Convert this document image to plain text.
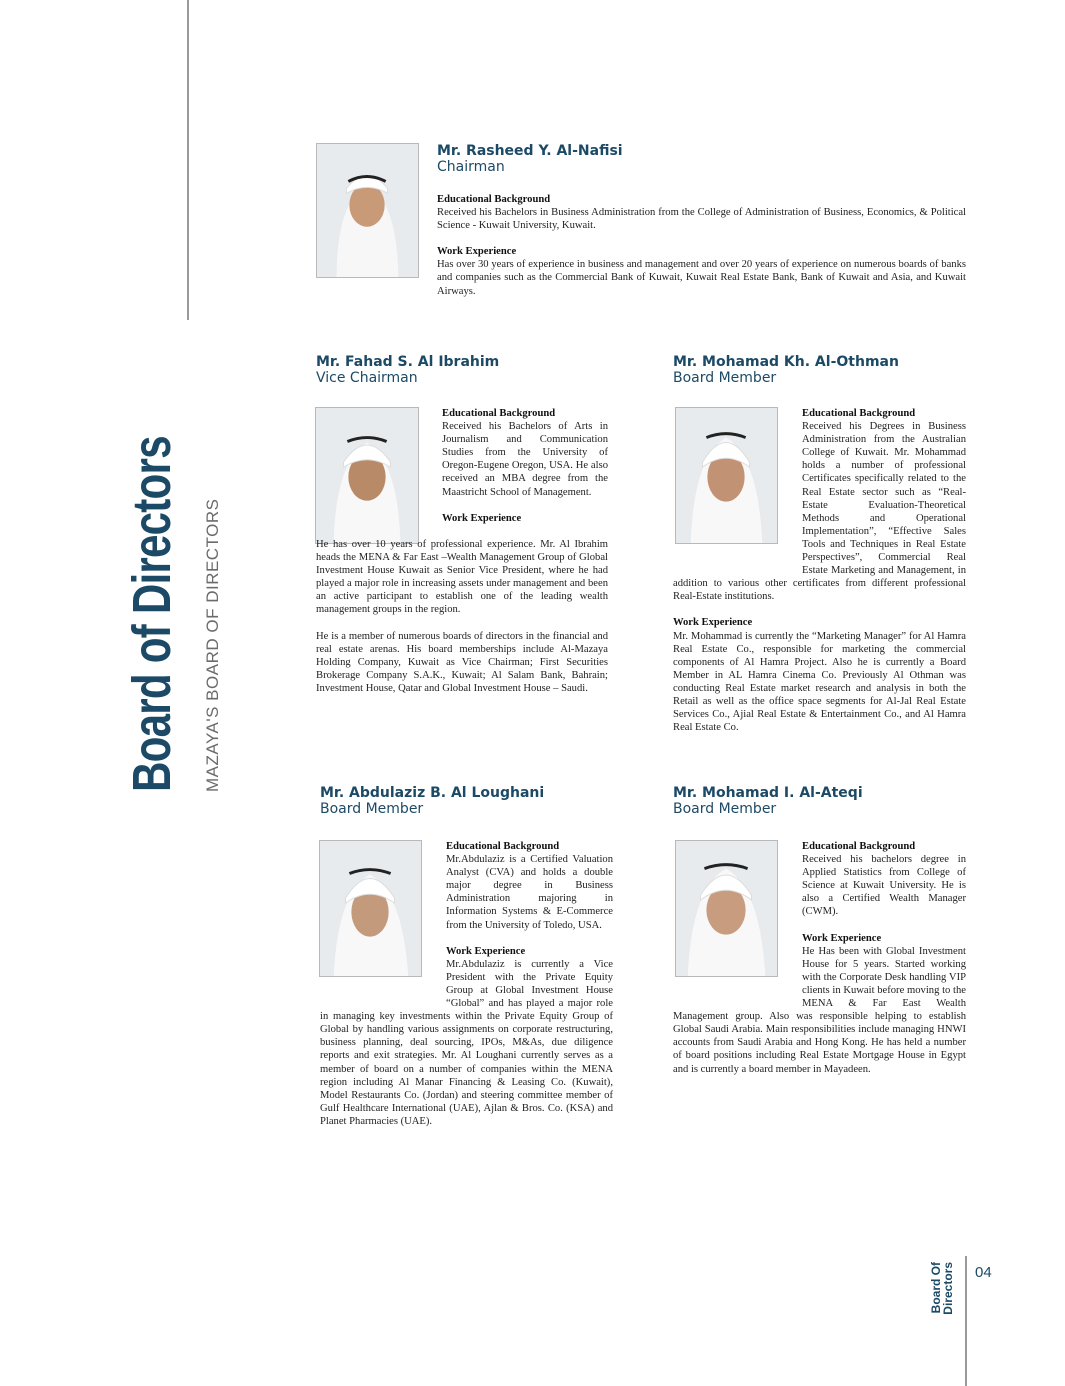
Board of Directors MAZAYA'S BOARD OF DIRECTORS
Mr. Rasheed Y. Al-Nafisi
Chairman
Educational Background

Received his Bachelors in Business Administration from the College of Administration of Business, Economics, & Political Science - Kuwait University, Kuwait.

Work Experience

Has over 30 years of experience in business and management and over 20 years of experience on numerous boards of banks and companies such as the Commercial Bank of Kuwait, Kuwait Real Estate Bank, Bank of Kuwait and Asia, and Kuwait Airways.

Mr. Fahad S. Al Ibrahim
Vice Chairman
Educational Background

Received his Bachelors of Arts in Journalism and Communication Studies from the University of Oregon-Eugene Oregon, USA. He also received an MBA degree from the Maastricht School of Management.

Work Experience

He has over 10 years of professional experience. Mr. Al Ibrahim heads the MENA & Far East –Wealth Management Group of Global Investment House Kuwait as Senior Vice President, where he had played a major role in increasing assets under management and been an active participant to establish one of the leading wealth management groups in the region.

He is a member of numerous boards of directors in the financial and real estate arenas. His board memberships include Al-Mazaya Holding Company, Kuwait as Vice Chairman; First Securities Brokerage Company S.A.K., Kuwait; Al Salam Bank, Bahrain; Investment House, Qatar and Global Investment House – Saudi.

Mr. Mohamad Kh. Al-Othman
Board Member
Educational Background

Received his Degrees in Business Administration from the Australian College of Kuwait. Mr. Mohammad holds a number of professional Certificates specifically related to the Real Estate sector such as “Real-Estate Evaluation-Theoretical Methods and Operational Implementation”, “Effective Sales Tools and Techniques in Real Estate Perspectives”, Commercial Real Estate Marketing and Management, in addition to various other certificates from different professional Real-Estate institutions.

Work Experience

Mr. Mohammad is currently the “Marketing Manager” for Al Hamra Real Estate Co., responsible for marketing the commercial components of Al Hamra Project. Also he is currently a Board Member in AL Hamra Cinema Co. Previously Al Othman was conducting Real Estate market research and analysis in both the Retail as well as the office space segments for Al-Jal Real Estate Services Co., Ajial Real Estate & Entertainment Co., and Al Hamra Real Estate Co.

Mr. Abdulaziz B. Al Loughani
Board Member
Educational Background

Mr.Abdulaziz is a Certified Valuation Analyst (CVA) and holds a double major degree in Business Administration majoring in Information Systems & E-Commerce from the University of Toledo, USA.

Work Experience

Mr.Abdulaziz is currently a Vice President with the Private Equity Group at Global Investment House “Global” and has played a major role in managing key investments within the Private Equity Group of Global by handling various assignments on corporate restructuring, business planning, deal sourcing, IPOs, M&As, due diligence reports and exit strategies. Mr. Al Loughani currently serves as a member of board on a number of companies within the MENA region including Al Manar Financing & Leasing Co. (Kuwait), Model Restaurants Co. (Jordan) and steering committee member of Gulf Healthcare International (UAE), Ajlan & Bros. Co. (KSA) and Planet Pharmacies (UAE).

Mr. Mohamad I. Al-Ateqi
Board Member
Educational Background

Received his bachelors degree in Applied Statistics from College of Science at Kuwait University. He is also a Certified Wealth Manager (CWM).

Work Experience

He Has been with Global Investment House for 5 years. Started working with the Corporate Desk handling VIP clients in Kuwait before moving to the MENA & Far East Wealth Management group. Also was responsible helping to establish Global Saudi Arabia. Main responsibilities include managing HNWI accounts from Saudi Arabia and Hong Kong. He has held a number of board positions including Real Estate Mortgage House in Egypt and is currently a board member in Mayadeen.

Board Of Directors 04
